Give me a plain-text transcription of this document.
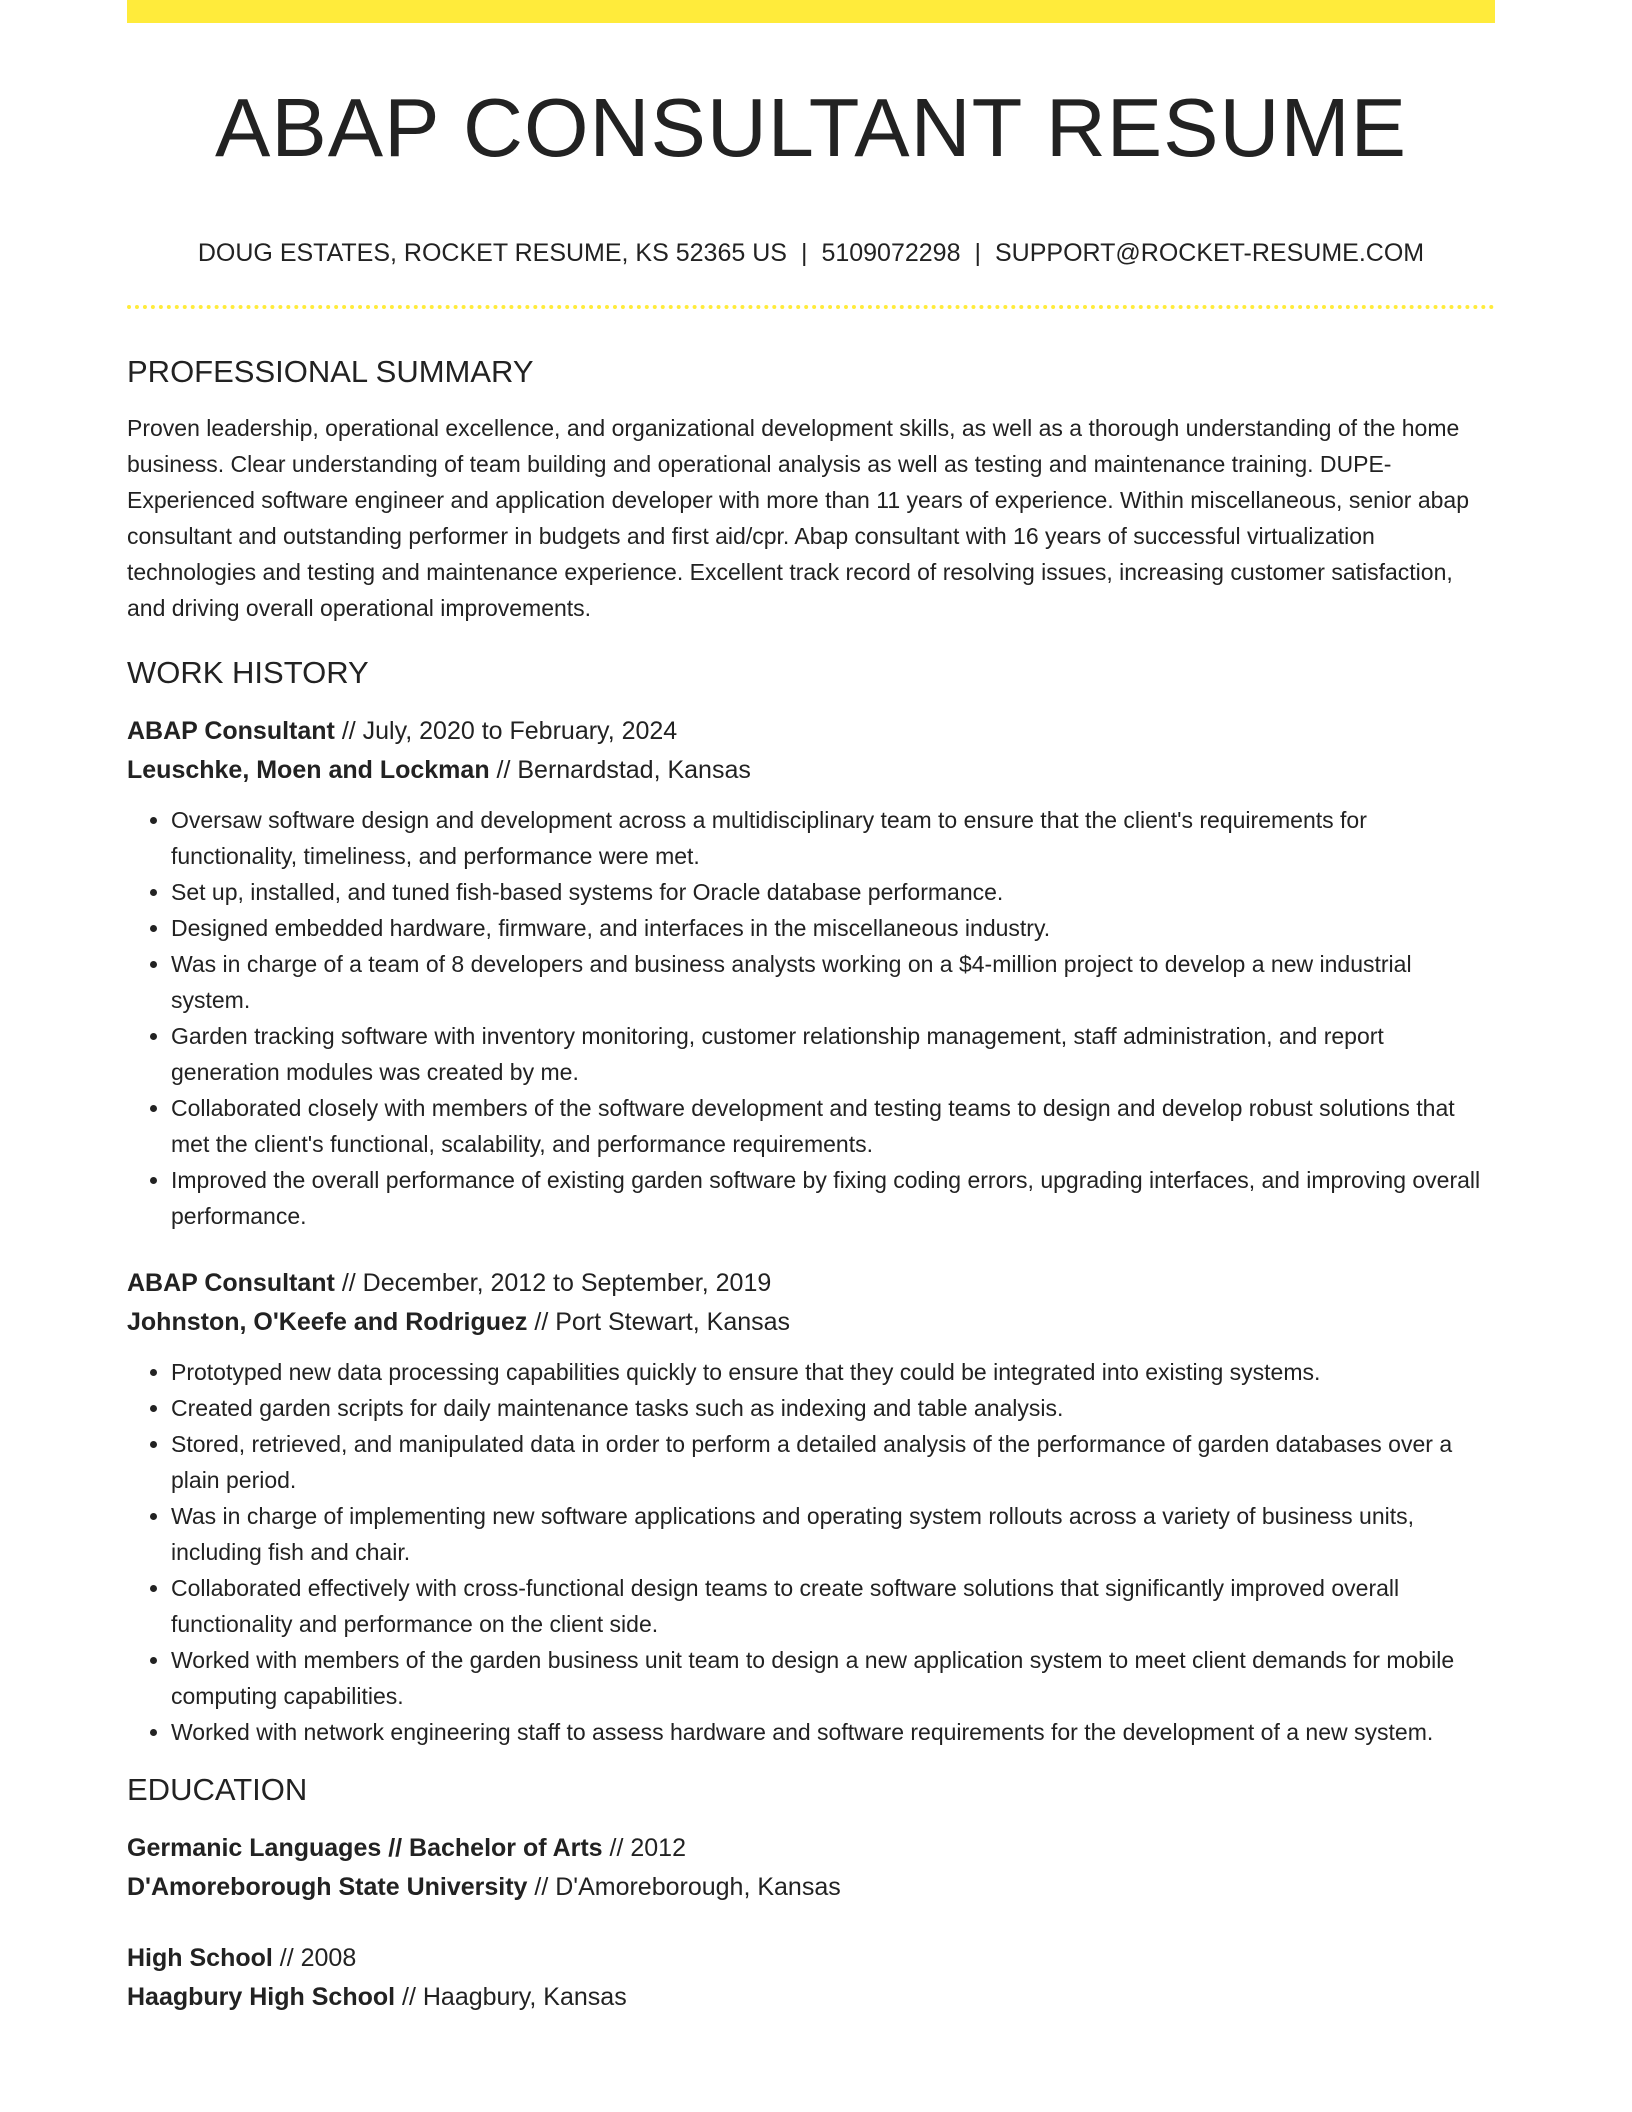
ABAP CONSULTANT RESUME
DOUG ESTATES, ROCKET RESUME, KS 52365 US | 5109072298 | SUPPORT@ROCKET-RESUME.COM
PROFESSIONAL SUMMARY

Proven leadership, operational excellence, and organizational development skills, as well as a thorough understanding of the home business. Clear understanding of team building and operational analysis as well as testing and maintenance training. DUPE- Experienced software engineer and application developer with more than 11 years of experience. Within miscellaneous, senior abap consultant and outstanding performer in budgets and first aid/cpr. Abap consultant with 16 years of successful virtualization technologies and testing and maintenance experience. Excellent track record of resolving issues, increasing customer satisfaction, and driving overall operational improvements.

WORK HISTORY
ABAP Consultant // July, 2020 to February, 2024
Leuschke, Moen and Lockman // Bernardstad, Kansas
• Oversaw software design and development across a multidisciplinary team to ensure that the client's requirements for functionality, timeliness, and performance were met.
• Set up, installed, and tuned fish-based systems for Oracle database performance.
• Designed embedded hardware, firmware, and interfaces in the miscellaneous industry.
• Was in charge of a team of 8 developers and business analysts working on a $4-million project to develop a new industrial system.
• Garden tracking software with inventory monitoring, customer relationship management, staff administration, and report generation modules was created by me.
• Collaborated closely with members of the software development and testing teams to design and develop robust solutions that met the client's functional, scalability, and performance requirements.
• Improved the overall performance of existing garden software by fixing coding errors, upgrading interfaces, and improving overall performance.
ABAP Consultant // December, 2012 to September, 2019
Johnston, O'Keefe and Rodriguez // Port Stewart, Kansas
• Prototyped new data processing capabilities quickly to ensure that they could be integrated into existing systems.
• Created garden scripts for daily maintenance tasks such as indexing and table analysis.
• Stored, retrieved, and manipulated data in order to perform a detailed analysis of the performance of garden databases over a plain period.
• Was in charge of implementing new software applications and operating system rollouts across a variety of business units, including fish and chair.
• Collaborated effectively with cross-functional design teams to create software solutions that significantly improved overall functionality and performance on the client side.
• Worked with members of the garden business unit team to design a new application system to meet client demands for mobile computing capabilities.
• Worked with network engineering staff to assess hardware and software requirements for the development of a new system.
EDUCATION
Germanic Languages // Bachelor of Arts // 2012
D'Amoreborough State University // D'Amoreborough, Kansas
High School // 2008
Haagbury High School // Haagbury, Kansas
